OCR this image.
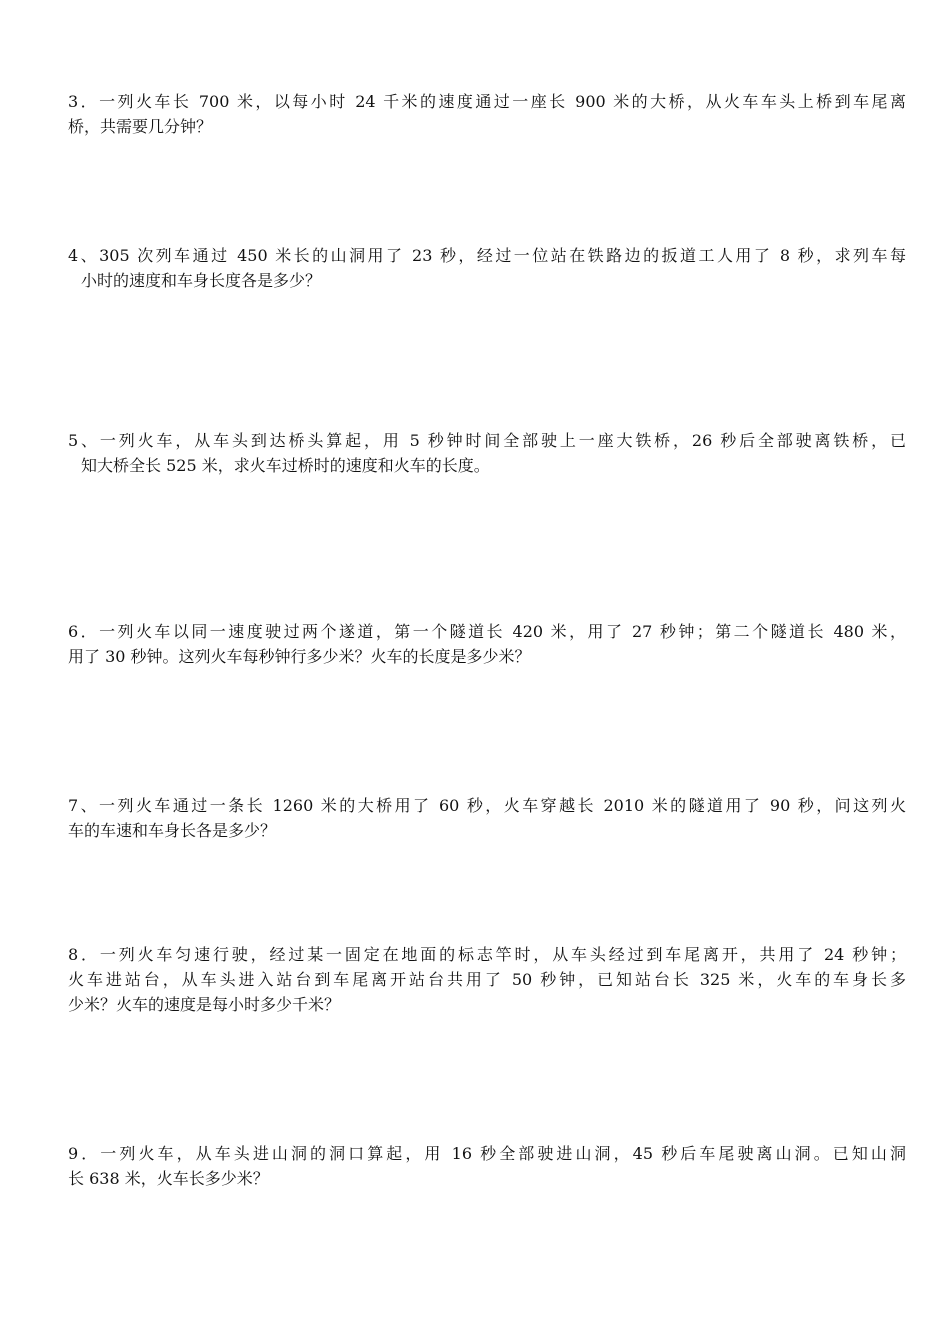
3．一列火车长 700 米，以每小时 24 千米的速度通过一座长 900 米的大桥，从火车车头上桥到车尾离
桥，共需要几分钟？
4、305 次列车通过 450 米长的山洞用了 23 秒，经过一位站在铁路边的扳道工人用了 8 秒，求列车每
小时的速度和车身长度各是多少？
5、一列火车，从车头到达桥头算起，用 5 秒钟时间全部驶上一座大铁桥，26 秒后全部驶离铁桥，已
知大桥全长 525 米，求火车过桥时的速度和火车的长度。
6．一列火车以同一速度驶过两个遂道，第一个隧道长 420 米，用了 27 秒钟；第二个隧道长 480 米，
用了 30 秒钟。这列火车每秒钟行多少米？火车的长度是多少米？
7、一列火车通过一条长 1260 米的大桥用了 60 秒，火车穿越长 2010 米的隧道用了 90 秒，问这列火
车的车速和车身长各是多少？
8．一列火车匀速行驶，经过某一固定在地面的标志竿时，从车头经过到车尾离开，共用了 24 秒钟；
火车进站台，从车头进入站台到车尾离开站台共用了 50 秒钟，已知站台长 325 米，火车的车身长多
少米？火车的速度是每小时多少千米？
9．一列火车，从车头进山洞的洞口算起，用 16 秒全部驶进山洞，45 秒后车尾驶离山洞。已知山洞
长 638 米，火车长多少米？
